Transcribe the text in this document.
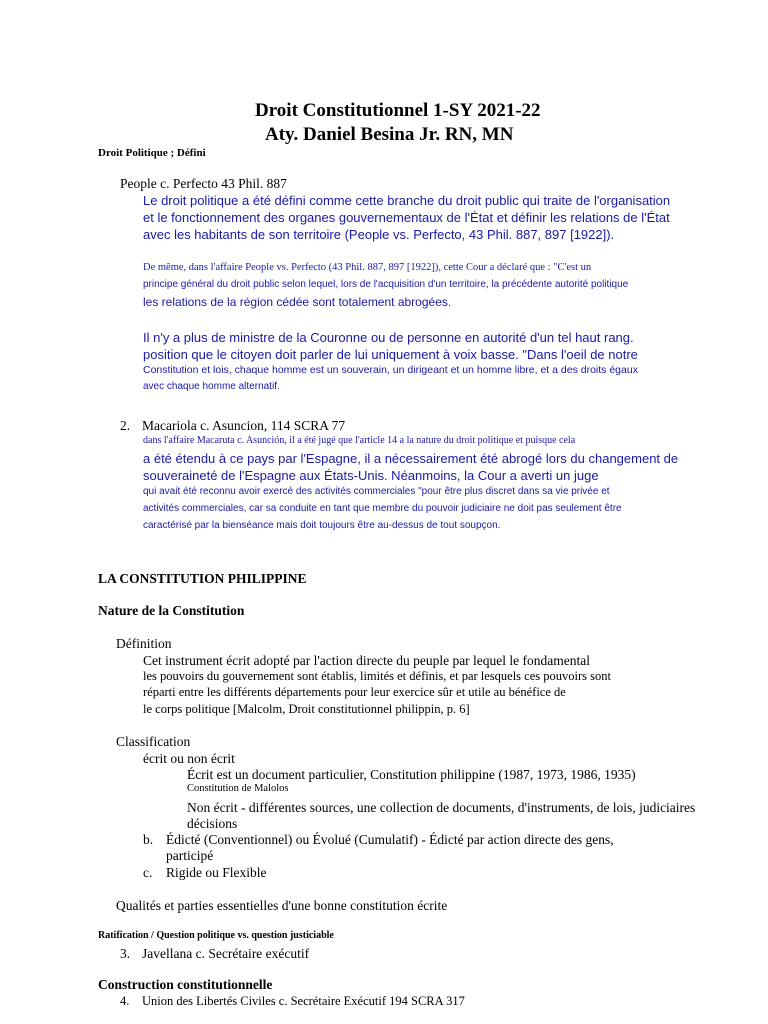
Droit Constitutionnel 1-SY 2021-22
Aty. Daniel Besina Jr. RN, MN
Droit Politique ; Défini
People c. Perfecto 43 Phil. 887
Le droit politique a été défini comme cette branche du droit public qui traite de l'organisation
et le fonctionnement des organes gouvernementaux de l'État et définir les relations de l'État
avec les habitants de son territoire (People vs. Perfecto, 43 Phil. 887, 897 [1922]).
De même, dans l'affaire People vs. Perfecto (43 Phil. 887, 897 [1922]), cette Cour a déclaré que : "C'est un
principe général du droit public selon lequel, lors de l'acquisition d'un territoire, la précédente autorité politique
les relations de la région cédée sont totalement abrogées.
Il n'y a plus de ministre de la Couronne ou de personne en autorité d'un tel haut rang.
position que le citoyen doit parler de lui uniquement à voix basse. "Dans l'oeil de notre
Constitution et lois, chaque homme est un souverain, un dirigeant et un homme libre, et a des droits égaux
avec chaque homme alternatif.
2. Macariola c. Asuncion, 114 SCRA 77
dans l'affaire Macaruta c. Asunción, il a été jugé que l'article 14 a la nature du droit politique et puisque cela
a été étendu à ce pays par l'Espagne, il a nécessairement été abrogé lors du changement de
souveraineté de l'Espagne aux États-Unis. Néanmoins, la Cour a averti un juge
qui avait été reconnu avoir exercé des activités commerciales "pour être plus discret dans sa vie privée et
activités commerciales, car sa conduite en tant que membre du pouvoir judiciaire ne doit pas seulement être
caractérisé par la bienséance mais doit toujours être au-dessus de tout soupçon.
LA CONSTITUTION PHILIPPINE
Nature de la Constitution
Définition
Cet instrument écrit adopté par l'action directe du peuple par lequel le fondamental
les pouvoirs du gouvernement sont établis, limités et définis, et par lesquels ces pouvoirs sont
réparti entre les différents départements pour leur exercice sûr et utile au bénéfice de
le corps politique [Malcolm, Droit constitutionnel philippin, p. 6]
Classification
écrit ou non écrit
Écrit est un document particulier, Constitution philippine (1987, 1973, 1986, 1935)
Constitution de Malolos
Non écrit - différentes sources, une collection de documents, d'instruments, de lois, judiciaires
décisions
b. Édicté (Conventionnel) ou Évolué (Cumulatif) - Édicté par action directe des gens,
participé
c. Rigide ou Flexible
Qualités et parties essentielles d'une bonne constitution écrite
Ratification / Question politique vs. question justiciable
3. Javellana c. Secrétaire exécutif
Construction constitutionnelle
4. Union des Libertés Civiles c. Secrétaire Exécutif 194 SCRA 317
